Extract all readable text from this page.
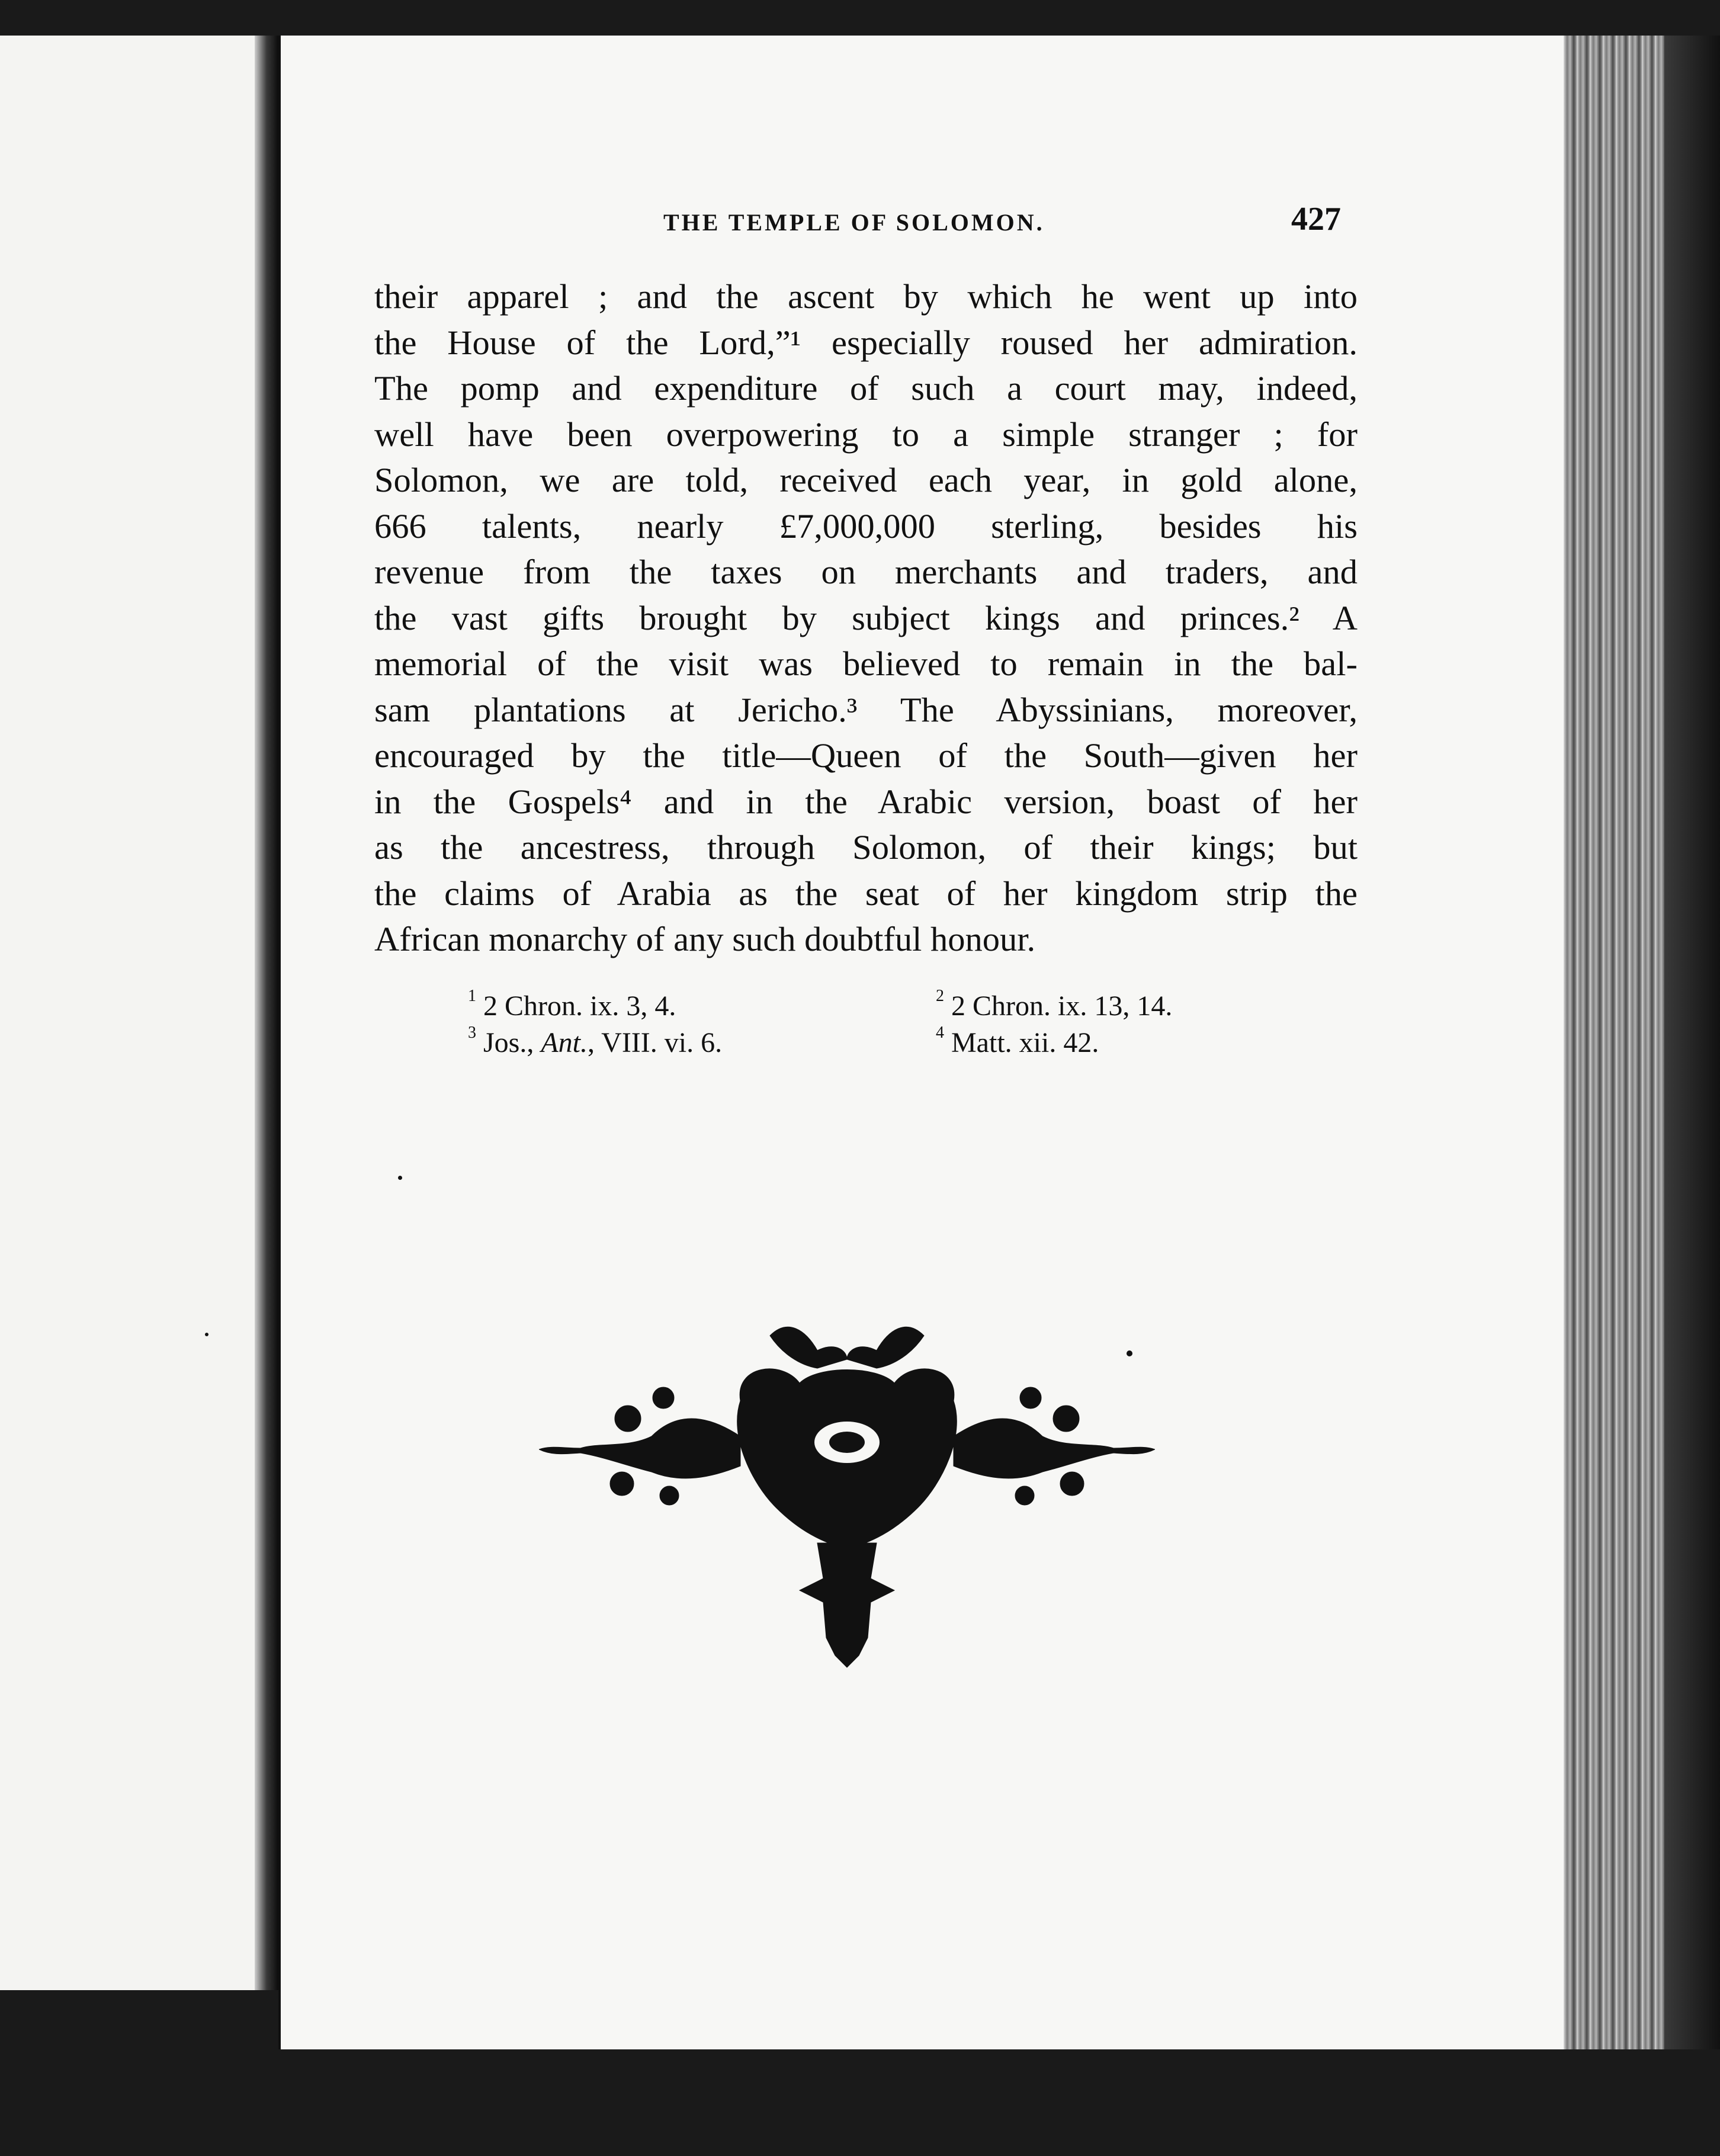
THE TEMPLE OF SOLOMON.	427
their apparel ; and the ascent by which he went up into
the House of the Lord,”¹ especially roused her admiration.
The pomp and expenditure of such a court may, indeed,
well have been overpowering to a simple stranger ; for
Solomon, we are told, received each year, in gold alone,
666 talents, nearly £7,000,000 sterling, besides his
revenue from the taxes on merchants and traders, and
the vast gifts brought by subject kings and princes.² A
memorial of the visit was believed to remain in the bal-
sam plantations at Jericho.³ The Abyssinians, moreover,
encouraged by the title—Queen of the South—given her
in the Gospels⁴ and in the Arabic version, boast of her
as the ancestress, through Solomon, of their kings; but
the claims of Arabia as the seat of her kingdom strip the
African monarchy of any such doubtful honour.
$^1$ 2 Chron. ix. 3, 4.	$^2$ 2 Chron. ix. 13, 14.
$^3$ Jos., Ant., VIII. vi. 6.	$^4$ Matt. xii. 42.
